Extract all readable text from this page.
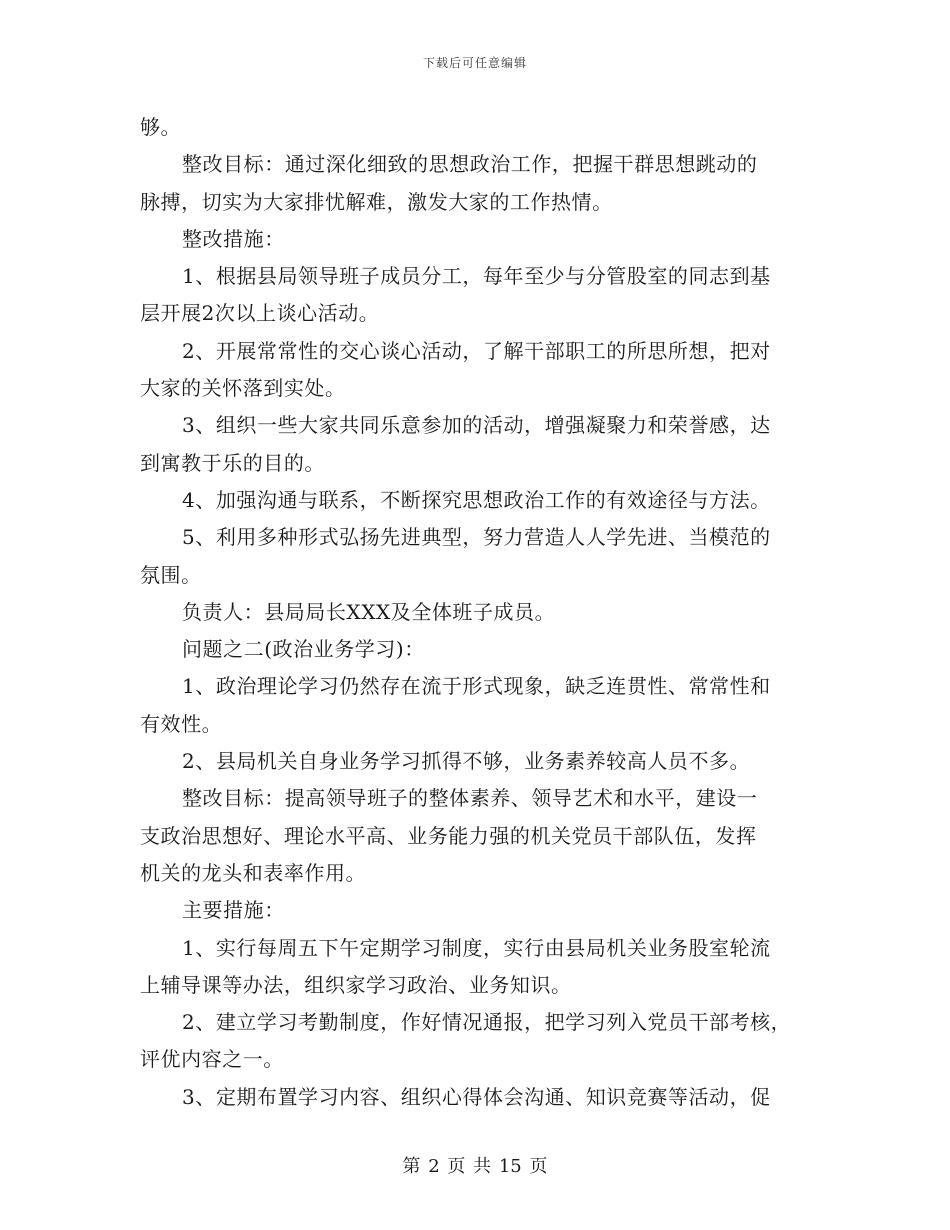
下载后可任意编辑
够。
整改目标：通过深化细致的思想政治工作，把握干群思想跳动的
脉搏，切实为大家排忧解难，激发大家的工作热情。
整改措施：
1、根据县局领导班子成员分工，每年至少与分管股室的同志到基
层开展2次以上谈心活动。
2、开展常常性的交心谈心活动，了解干部职工的所思所想，把对
大家的关怀落到实处。
3、组织一些大家共同乐意参加的活动，增强凝聚力和荣誉感，达
到寓教于乐的目的。
4、加强沟通与联系，不断探究思想政治工作的有效途径与方法。
5、利用多种形式弘扬先进典型，努力营造人人学先进、当模范的
氛围。
负责人：县局局长XXX及全体班子成员。
问题之二(政治业务学习)：
1、政治理论学习仍然存在流于形式现象，缺乏连贯性、常常性和
有效性。
2、县局机关自身业务学习抓得不够，业务素养较高人员不多。
整改目标：提高领导班子的整体素养、领导艺术和水平，建设一
支政治思想好、理论水平高、业务能力强的机关党员干部队伍，发挥
机关的龙头和表率作用。
主要措施：
1、实行每周五下午定期学习制度，实行由县局机关业务股室轮流
上辅导课等办法，组织家学习政治、业务知识。
2、建立学习考勤制度，作好情况通报，把学习列入党员干部考核，
评优内容之一。
3、定期布置学习内容、组织心得体会沟通、知识竞赛等活动，促
第 2 页 共 15 页
